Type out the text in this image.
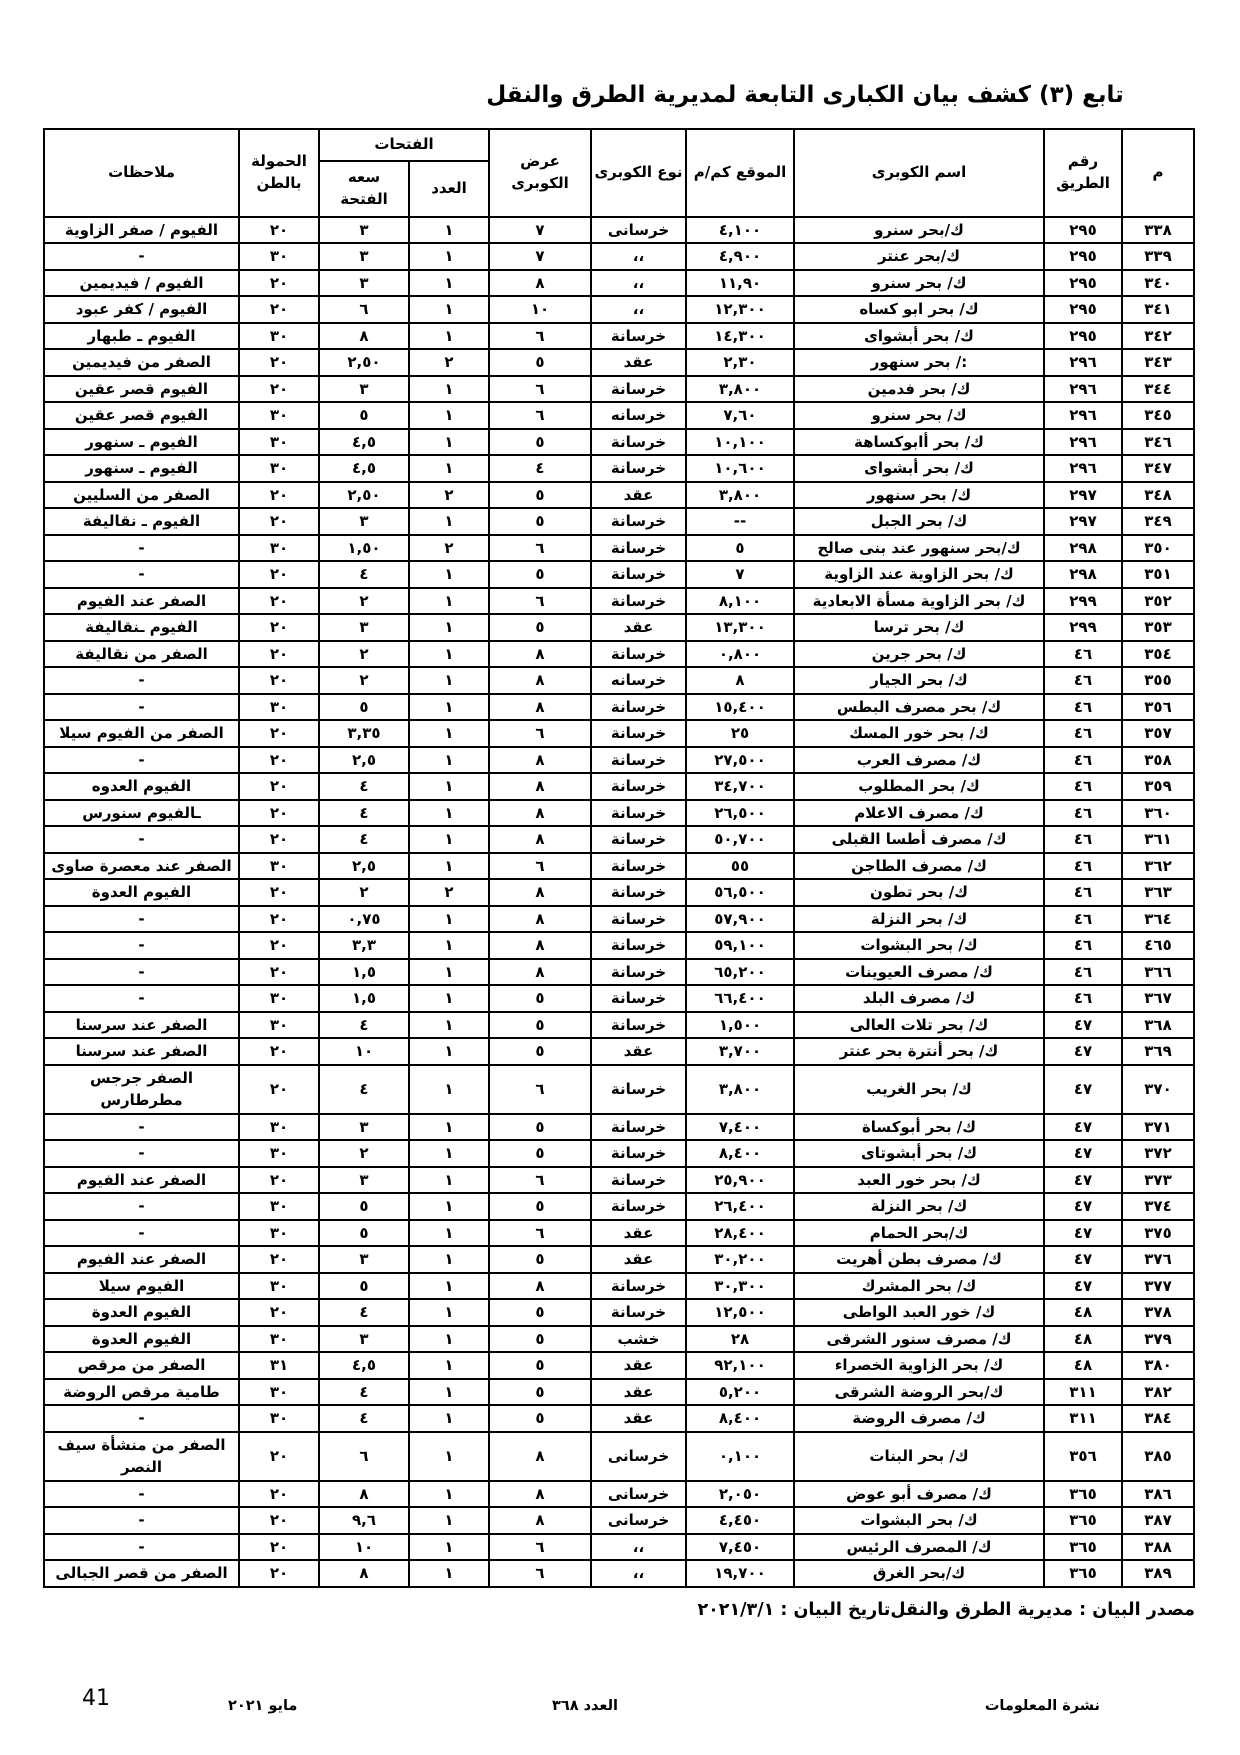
تابع (٣) كشف بيان الكبارى التابعة لمديرية الطرق والنقل
م	رقم الطريق	اسم الكوبرى	الموقع كم/م	نوع الكوبرى	عرض الكوبرى	الفتحات		الحمولة بالطن	ملاحظات
						العدد	سعه الفتحة		
٣٣٨	٢٩٥	ك/بحر سنرو	٤,١٠٠	خرسانى	٧	١	٣	٢٠	الفيوم / صفر الزاوية
٣٣٩	٢٩٥	ك/بحر عنتر	٤,٩٠٠	،،	٧	١	٣	٣٠	-
٣٤٠	٢٩٥	ك/ بحر سنرو	١١,٩٠	،،	٨	١	٣	٢٠	الفيوم / فيديمين
٣٤١	٢٩٥	ك/ بحر ابو كساه	١٢,٣٠٠	،،	١٠	١	٦	٢٠	الفيوم / كفر عبود
٣٤٢	٢٩٥	ك/ بحر أبشواى	١٤,٣٠٠	خرسانة	٦	١	٨	٣٠	الفيوم ـ طبهار
٣٤٣	٢٩٦	:/ بحر سنهور	٢,٣٠	عقد	٥	٢	٢,٥٠	٢٠	الصفر من فيديمين
٣٤٤	٢٩٦	ك/ بحر فدمين	٣,٨٠٠	خرسانة	٦	١	٣	٢٠	الفيوم قصر عقين
٣٤٥	٢٩٦	ك/ بحر سنرو	٧,٦٠	خرسانه	٦	١	٥	٣٠	الفيوم قصر عقين
٣٤٦	٢٩٦	ك/ بحر أابوكساهة	١٠,١٠٠	خرسانة	٥	١	٤,٥	٣٠	الفيوم ـ سنهور
٣٤٧	٢٩٦	ك/ بحر أبشواى	١٠,٦٠٠	خرسانة	٤	١	٤,٥	٣٠	الفيوم ـ سنهور
٣٤٨	٢٩٧	ك/ بحر سنهور	٣,٨٠٠	عقد	٥	٢	٢,٥٠	٢٠	الصفر من السليين
٣٤٩	٢٩٧	ك/ بحر الجبل	--	خرسانة	٥	١	٣	٢٠	الفيوم ـ نقاليفة
٣٥٠	٢٩٨	ك/بحر سنهور عند بنى صالح	٥	خرسانة	٦	٢	١,٥٠	٣٠	-
٣٥١	٢٩٨	ك/ بحر الزاوية عند الزاوية	٧	خرسانة	٥	١	٤	٢٠	-
٣٥٢	٢٩٩	ك/ بحر الزاوية مسأة الابعادية	٨,١٠٠	خرسانة	٦	١	٢	٢٠	الصفر عند الفيوم
٣٥٣	٢٩٩	ك/ بحر ترسا	١٣,٣٠٠	عقد	٥	١	٣	٢٠	الفيوم ـنقاليفة
٣٥٤	٤٦	ك/ بحر جرين	٠,٨٠٠	خرسانة	٨	١	٢	٢٠	الصفر من نقاليفة
٣٥٥	٤٦	ك/ بحر الجيار	٨	خرسانه	٨	١	٢	٢٠	-
٣٥٦	٤٦	ك/ بحر مصرف البطس	١٥,٤٠٠	خرسانة	٨	١	٥	٣٠	-
٣٥٧	٤٦	ك/ بحر خور المسك	٢٥	خرسانة	٦	١	٣,٣٥	٢٠	الصفر من الفيوم سيلا
٣٥٨	٤٦	ك/ مصرف العرب	٢٧,٥٠٠	خرسانة	٨	١	٢,٥	٢٠	-
٣٥٩	٤٦	ك/ بحر المطلوب	٣٤,٧٠٠	خرسانة	٨	١	٤	٢٠	الفيوم العدوه
٣٦٠	٤٦	ك/ مصرف الاعلام	٢٦,٥٠٠	خرسانة	٨	١	٤	٢٠	ـالفيوم سنورس
٣٦١	٤٦	ك/ مصرف أطسا القبلى	٥٠,٧٠٠	خرسانة	٨	١	٤	٢٠	-
٣٦٢	٤٦	ك/ مصرف الطاجن	٥٥	خرسانة	٦	١	٢,٥	٣٠	الصفر عند معصرة صاوى
٣٦٣	٤٦	ك/ بحر تطون	٥٦,٥٠٠	خرسانة	٨	٢	٢	٢٠	الفيوم العدوة
٣٦٤	٤٦	ك/ بحر النزلة	٥٧,٩٠٠	خرسانة	٨	١	٠,٧٥	٢٠	-
٤٦٥	٤٦	ك/ بحر البشوات	٥٩,١٠٠	خرسانة	٨	١	٣,٣	٢٠	-
٣٦٦	٤٦	ك/ مصرف العيوينات	٦٥,٢٠٠	خرسانة	٨	١	١,٥	٢٠	-
٣٦٧	٤٦	ك/ مصرف البلد	٦٦,٤٠٠	خرسانة	٥	١	١,٥	٣٠	-
٣٦٨	٤٧	ك/ بحر تلات العالى	١,٥٠٠	خرسانة	٥	١	٤	٣٠	الصفر عند سرسنا
٣٦٩	٤٧	ك/ بحر أنترة بحر عنتر	٣,٧٠٠	عقد	٥	١	١٠	٢٠	الصفر عند سرسنا
٣٧٠	٤٧	ك/ بحر الغريب	٣,٨٠٠	خرسانة	٦	١	٤	٢٠	الصفر جرجس مطرطارس
٣٧١	٤٧	ك/ بحر أبوكساة	٧,٤٠٠	خرسانة	٥	١	٣	٣٠	-
٣٧٢	٤٧	ك/ بحر أبشوتاى	٨,٤٠٠	خرسانة	٥	١	٢	٣٠	-
٣٧٣	٤٧	ك/ بحر خور العبد	٢٥,٩٠٠	خرسانة	٦	١	٣	٢٠	الصفر عند الفيوم
٣٧٤	٤٧	ك/ بحر النزلة	٢٦,٤٠٠	خرسانة	٥	١	٥	٣٠	-
٣٧٥	٤٧	ك/بحر الحمام	٢٨,٤٠٠	عقد	٦	١	٥	٣٠	-
٣٧٦	٤٧	ك/ مصرف بطن أهريت	٣٠,٢٠٠	عقد	٥	١	٣	٢٠	الصفر عند الفيوم
٣٧٧	٤٧	ك/ بحر المشرك	٣٠,٣٠٠	خرسانة	٨	١	٥	٣٠	الفيوم سيلا
٣٧٨	٤٨	ك/ خور العبد الواطى	١٢,٥٠٠	خرسانة	٥	١	٤	٢٠	الفيوم العدوة
٣٧٩	٤٨	ك/ مصرف سنور الشرقى	٢٨	خشب	٥	١	٣	٣٠	الفيوم العدوة
٣٨٠	٤٨	ك/ بحر الزاوية الخصراء	٩٢,١٠٠	عقد	٥	١	٤,٥	٣١	الصفر من مرقص
٣٨٢	٣١١	ك/بحر الروضة الشرقى	٥,٢٠٠	عقد	٥	١	٤	٣٠	طامية مرقص الروضة
٣٨٤	٣١١	ك/ مصرف الروضة	٨,٤٠٠	عقد	٥	١	٤	٣٠	-
٣٨٥	٣٥٦	ك/ بحر البنات	٠,١٠٠	خرسانى	٨	١	٦	٢٠	الصفر من منشأة سيف النصر
٣٨٦	٣٦٥	ك/ مصرف أبو عوض	٢,٠٥٠	خرسانى	٨	١	٨	٢٠	-
٣٨٧	٣٦٥	ك/ بحر البشوات	٤,٤٥٠	خرسانى	٨	١	٩,٦	٢٠	-
٣٨٨	٣٦٥	ك/ المصرف الرئيس	٧,٤٥٠	،،	٦	١	١٠	٢٠	-
٣٨٩	٣٦٥	ك/بحر الغرق	١٩,٧٠٠	،،	٦	١	٨	٢٠	الصفر من قصر الجبالى
مصدر البيان : مديرية الطرق والنقل
تاريخ البيان : ٢٠٢١/٣/١
نشرة المعلومات
العدد ٣٦٨
مايو ٢٠٢١
41
